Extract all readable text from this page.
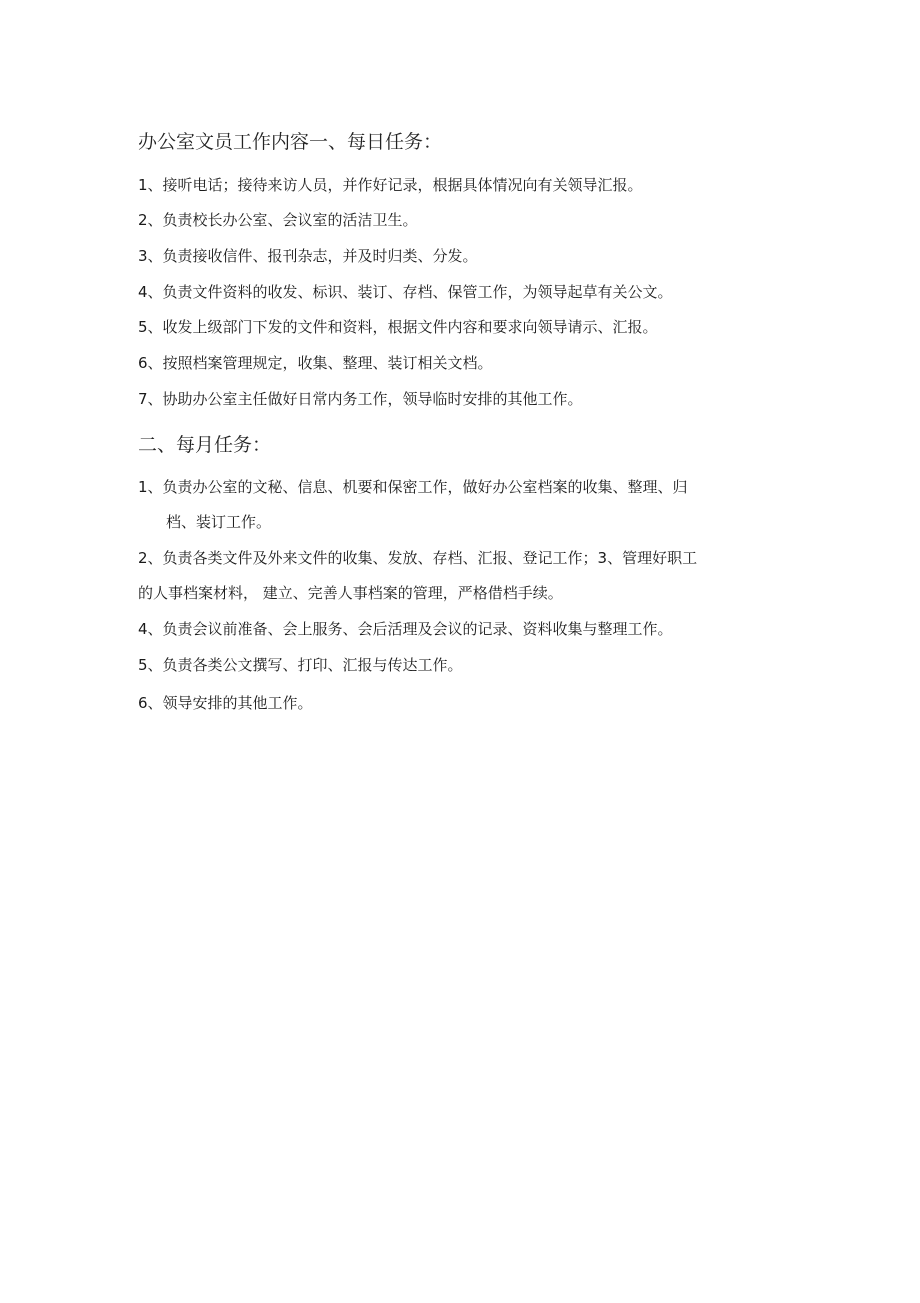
办公室文员工作内容一、每日任务：
1、接听电话；接待来访人员，并作好记录，根据具体情况向有关领导汇报。
2、负责校长办公室、会议室的活洁卫生。
3、负责接收信件、报刊杂志，并及时归类、分发。
4、负责文件资料的收发、标识、装订、存档、保管工作，为领导起草有关公文。
5、收发上级部门下发的文件和资料，根据文件内容和要求向领导请示、汇报。
6、按照档案管理规定，收集、整理、装订相关文档。
7、协助办公室主任做好日常内务工作，领导临时安排的其他工作。
二、每月任务：
1、负责办公室的文秘、信息、机要和保密工作，做好办公室档案的收集、整理、归
档、装订工作。
2、负责各类文件及外来文件的收集、发放、存档、汇报、登记工作；3、管理好职工
的人事档案材料， 建立、完善人事档案的管理，严格借档手续。
4、负责会议前准备、会上服务、会后活理及会议的记录、资料收集与整理工作。
5、负责各类公文撰写、打印、汇报与传达工作。
6、领导安排的其他工作。
